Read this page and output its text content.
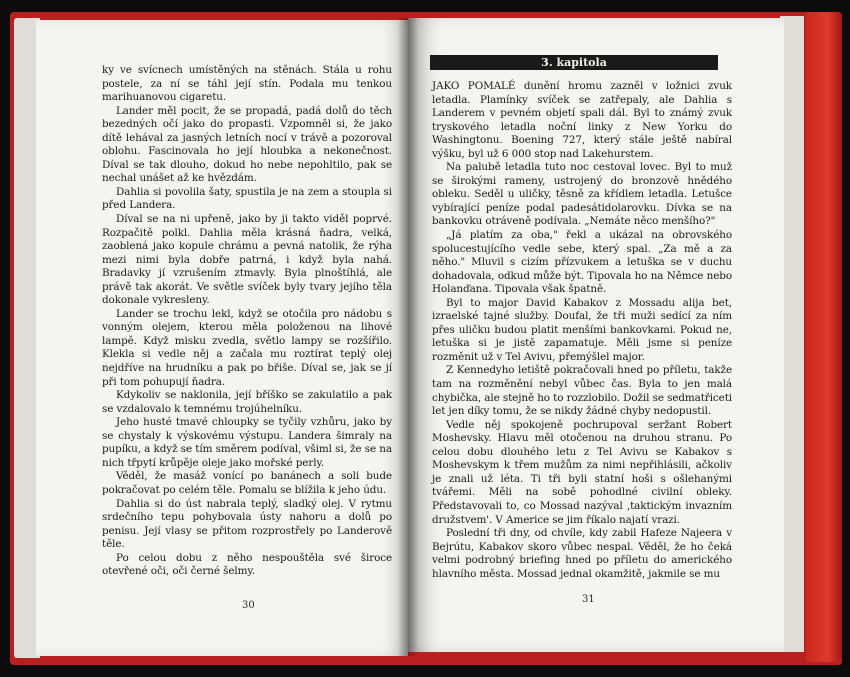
ky ve svícnech umístěných na stěnách. Stála u rohu postele, za ní se táhl její stín. Podala mu tenkou marihuanovou cigaretu.

Lander měl pocit, že se propadá, padá dolů do těch bezedných očí jako do propasti. Vzpomněl si, že jako dítě lehával za jasných letních nocí v trávě a pozoroval oblohu. Fascinovala ho její hloubka a nekonečnost. Díval se tak dlouho, dokud ho nebe nepohltilo, pak se nechal unášet až ke hvězdám.

Dahlia si povolila šaty, spustila je na zem a stoupla si před Landera.

Díval se na ni upřeně, jako by ji takto viděl poprvé. Rozpačitě polkl. Dahlia měla krásná ňadra, velká, zaoblená jako kopule chrámu a pevná natolik, že rýha mezi nimi byla dobře patrná, i když byla nahá. Bradavky jí vzrušením ztmavly. Byla plnoštíhlá, ale právě tak akorát. Ve světle svíček byly tvary jejího těla dokonale vykresleny.

Lander se trochu lekl, když se otočila pro nádobu s vonným olejem, kterou měla položenou na lihové lampě. Když misku zvedla, světlo lampy se rozšířilo. Klekla si vedle něj a začala mu roztírat teplý olej nejdříve na hrudníku a pak po břiše. Díval se, jak se jí při tom pohupují ňadra.

Kdykoliv se naklonila, její bříško se zakulatilo a pak se vzdalovalo k temnému trojúhelníku.

Jeho husté tmavé chloupky se tyčily vzhůru, jako by se chystaly k výskovému výstupu. Landera šimraly na pupíku, a když se tím směrem podíval, všiml si, že se na nich třpytí krůpěje oleje jako mořské perly.

Věděl, že masáž vonící po banánech a soli bude pokračovat po celém těle. Pomalu se blížila k jeho údu.

Dahlia si do úst nabrala teplý, sladký olej. V rytmu srdečního tepu pohybovala ústy nahoru a dolů po penisu. Její vlasy se přitom rozprostřely po Landerově těle.

Po celou dobu z něho nespouštěla své široce otevřené oči, oči černé šelmy.

30
3. kapitola

JAKO POMALÉ dunění hromu zazněl v ložnici zvuk letadla. Plamínky svíček se zatřepaly, ale Dahlia s Landerem v pevném objetí spali dál. Byl to známý zvuk tryskového letadla noční linky z New Yorku do Washingtonu. Boening 727, který stále ještě nabíral výšku, byl už 6 000 stop nad Lakehurstem.

Na palubě letadla tuto noc cestoval lovec. Byl to muž se širokými rameny, ustrojený do bronzově hnědého obleku. Seděl u uličky, těsně za křídlem letadla. Letušce vybírající peníze podal padesátidolarovku. Dívka se na bankovku otráveně podívala. „Nemáte něco menšího?"

„Já platím za oba," řekl a ukázal na obrovského spolucestujícího vedle sebe, který spal. „Za mě a za něho." Mluvil s cizím přízvukem a letuška se v duchu dohadovala, odkud může být. Tipovala ho na Němce nebo Holanďana. Tipovala však špatně.

Byl to major David Kabakov z Mossadu alija bet, izraelské tajné služby. Doufal, že tři muži sedící za ním přes uličku budou platit menšími bankovkami. Pokud ne, letuška si je jistě zapamatuje. Měli jsme si peníze rozměnit už v Tel Avivu, přemýšlel major.

Z Kennedyho letiště pokračovali hned po příletu, takže tam na rozměnění nebyl vůbec čas. Byla to jen malá chybička, ale stejně ho to rozzlobilo. Dožil se sedmatřiceti let jen díky tomu, že se nikdy žádné chyby nedopustil.

Vedle něj spokojeně pochrupoval seržant Robert Moshevsky. Hlavu měl otočenou na druhou stranu. Po celou dobu dlouhého letu z Tel Avivu se Kabakov s Moshevskym k třem mužům za nimi nepřihlásili, ačkoliv je znali už léta. Ti tři byli statní hoši s ošlehanými tvářemi. Měli na sobě pohodlné civilní obleky. Představovali to, co Mossad nazýval ‚taktickým invazním družstvem'. V Americe se jim říkalo najatí vrazi.

Poslední tři dny, od chvíle, kdy zabil Hafeze Najeera v Bejrútu, Kabakov skoro vůbec nespal. Věděl, že ho čeká velmi podrobný briefing hned po příletu do amerického hlavního města. Mossad jednal okamžitě, jakmile se mu

31
